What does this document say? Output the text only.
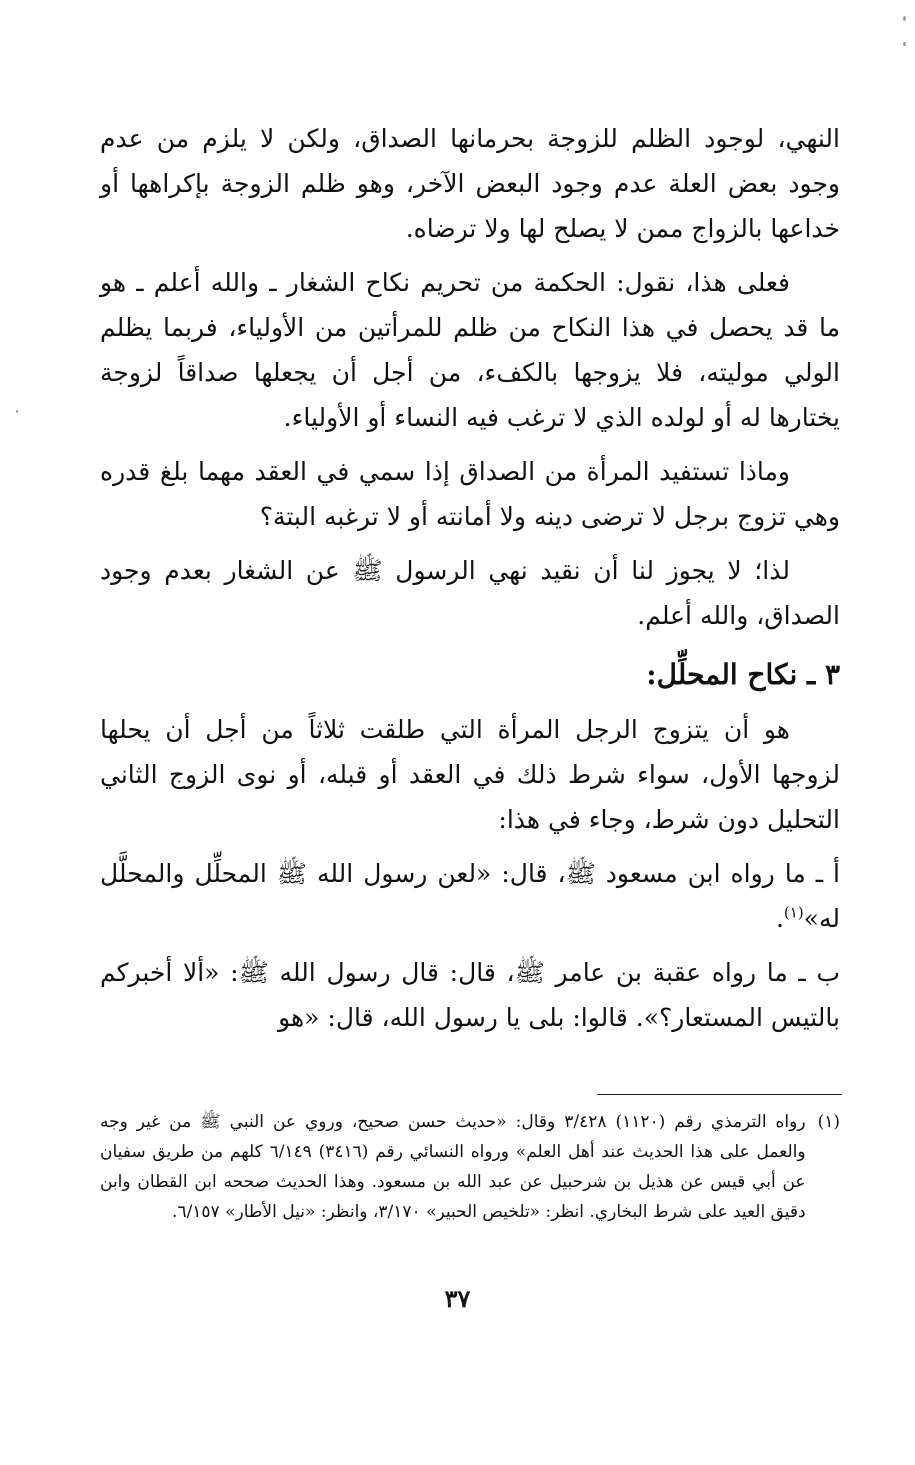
النهي، لوجود الظلم للزوجة بحرمانها الصداق، ولكن لا يلزم من عدم وجود بعض العلة عدم وجود البعض الآخر، وهو ظلم الزوجة بإكراهها أو خداعها بالزواج ممن لا يصلح لها ولا ترضاه.

فعلى هذا، نقول: الحكمة من تحريم نكاح الشغار ـ والله أعلم ـ هو ما قد يحصل في هذا النكاح من ظلم للمرأتين من الأولياء، فربما يظلم الولي موليته، فلا يزوجها بالكفء، من أجل أن يجعلها صداقاً لزوجة يختارها له أو لولده الذي لا ترغب فيه النساء أو الأولياء.

وماذا تستفيد المرأة من الصداق إذا سمي في العقد مهما بلغ قدره وهي تزوج برجل لا ترضى دينه ولا أمانته أو لا ترغبه البتة؟

لذا؛ لا يجوز لنا أن نقيد نهي الرسول ﷺ عن الشغار بعدم وجود الصداق، والله أعلم.

٣ ـ نكاح المحلِّل:

هو أن يتزوج الرجل المرأة التي طلقت ثلاثاً من أجل أن يحلها لزوجها الأول، سواء شرط ذلك في العقد أو قبله، أو نوى الزوج الثاني التحليل دون شرط، وجاء في هذا:

أ ـ ما رواه ابن مسعود ﷺ، قال: «لعن رسول الله ﷺ المحلِّل والمحلَّل له»$^{(١)}$.

ب ـ ما رواه عقبة بن عامر ﷺ، قال: قال رسول الله ﷺ: «ألا أخبركم بالتيس المستعار؟». قالوا: بلى يا رسول الله، قال: «هو

(١)
رواه الترمذي رقم (١١٢٠) ٣/٤٢٨ وقال: «حديث حسن صحيح، وروي عن النبي ﷺ من غير وجه والعمل على هذا الحديث عند أهل العلم» ورواه النسائي رقم (٣٤١٦) ٦/١٤٩ كلهم من طريق سفيان عن أبي قيس عن هذيل بن شرحبيل عن عبد الله بن مسعود. وهذا الحديث صححه ابن القطان وابن دقيق العيد على شرط البخاري. انظر: «تلخيص الحبير» ٣/١٧٠، وانظر: «نيل الأطار» ٦/١٥٧.

٣٧
